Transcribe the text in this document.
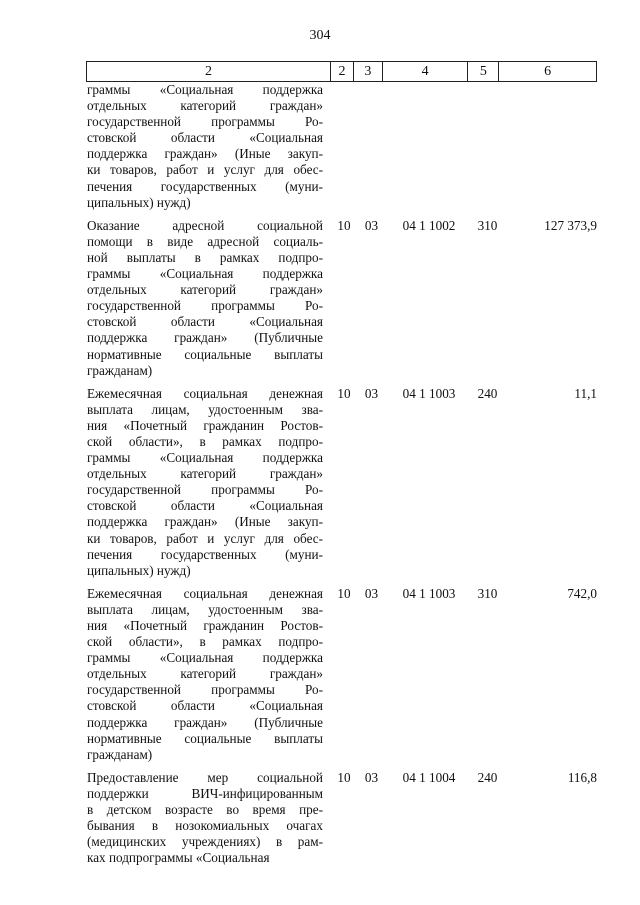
304
2	2	3	4	5	6
граммы «Социальная поддержка
отдельных категорий граждан»
государственной программы Ро-
стовской области «Социальная
поддержка граждан» (Иные закуп-
ки товаров, работ и услуг для обес-
печения государственных (муни-
ципальных) нужд)
Оказание адресной социальной
помощи в виде адресной социаль-
ной выплаты в рамках подпро-
граммы «Социальная поддержка
отдельных категорий граждан»
государственной программы Ро-
стовской области «Социальная
поддержка граждан» (Публичные
нормативные социальные выплаты
гражданам)
10	03	04 1 1002	310	127 373,9
Ежемесячная социальная денежная
выплата лицам, удостоенным зва-
ния «Почетный гражданин Ростов-
ской области», в рамках подпро-
граммы «Социальная поддержка
отдельных категорий граждан»
государственной программы Ро-
стовской области «Социальная
поддержка граждан» (Иные закуп-
ки товаров, работ и услуг для обес-
печения государственных (муни-
ципальных) нужд)
10	03	04 1 1003	240	11,1
Ежемесячная социальная денежная
выплата лицам, удостоенным зва-
ния «Почетный гражданин Ростов-
ской области», в рамках подпро-
граммы «Социальная поддержка
отдельных категорий граждан»
государственной программы Ро-
стовской области «Социальная
поддержка граждан» (Публичные
нормативные социальные выплаты
гражданам)
10	03	04 1 1003	310	742,0
Предоставление мер социальной
поддержки ВИЧ-инфицированным
в детском возрасте во время пре-
бывания в нозокомиальных очагах
(медицинских учреждениях) в рам-
ках подпрограммы «Социальная
10	03	04 1 1004	240	116,8
